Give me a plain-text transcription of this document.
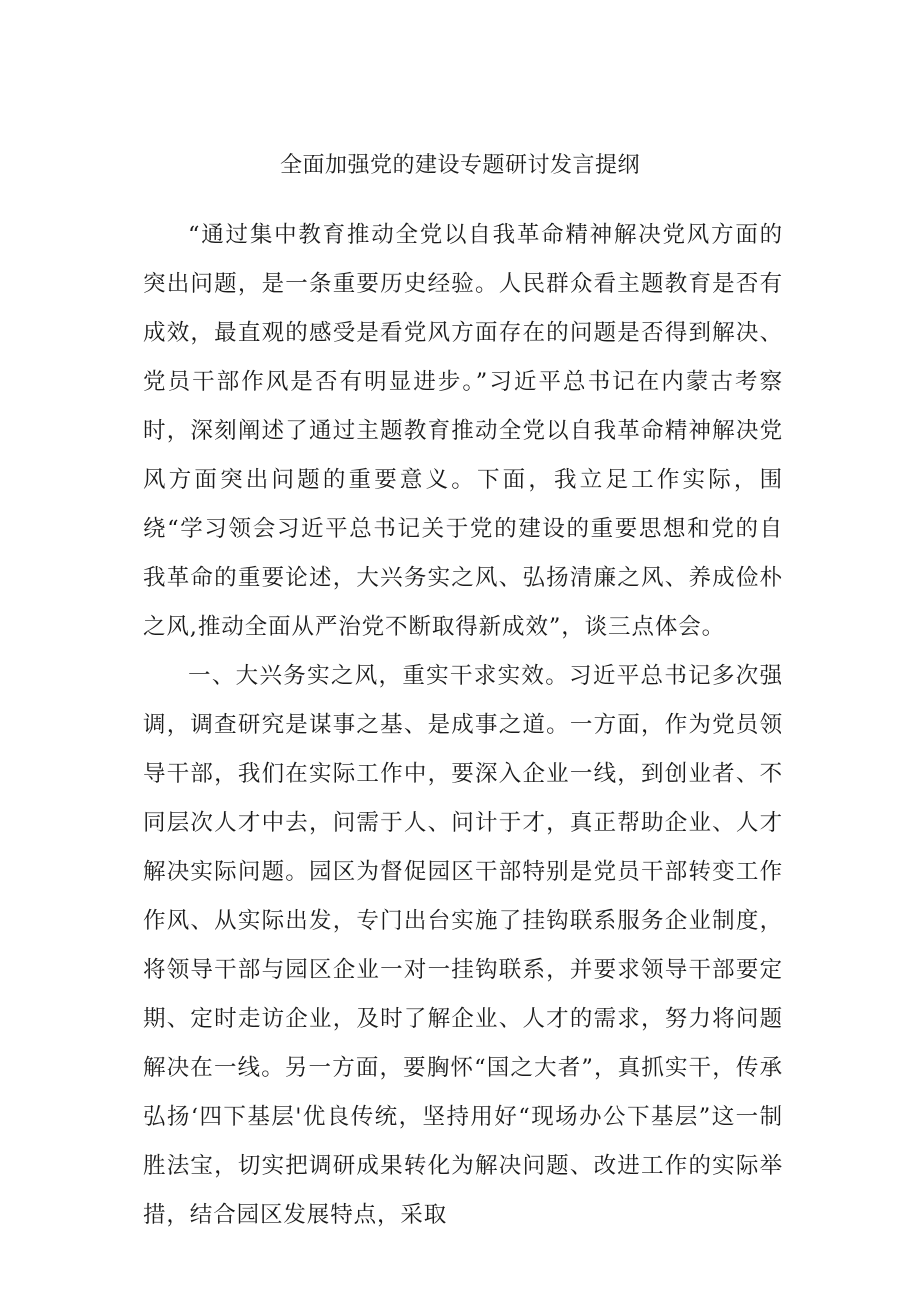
全面加强党的建设专题研讨发言提纲

“通过集中教育推动全党以自我革命精神解决党风方面的突出问题，是一条重要历史经验。人民群众看主题教育是否有成效，最直观的感受是看党风方面存在的问题是否得到解决、党员干部作风是否有明显进步。”习近平总书记在内蒙古考察时，深刻阐述了通过主题教育推动全党以自我革命精神解决党风方面突出问题的重要意义。下面，我立足工作实际，围绕“学习领会习近平总书记关于党的建设的重要思想和党的自我革命的重要论述，大兴务实之风、弘扬清廉之风、养成俭朴之风,推动全面从严治党不断取得新成效”，谈三点体会。

一、大兴务实之风，重实干求实效。习近平总书记多次强调，调查研究是谋事之基、是成事之道。一方面，作为党员领导干部，我们在实际工作中，要深入企业一线，到创业者、不同层次人才中去，问需于人、问计于才，真正帮助企业、人才解决实际问题。园区为督促园区干部特别是党员干部转变工作作风、从实际出发，专门出台实施了挂钩联系服务企业制度，将领导干部与园区企业一对一挂钩联系，并要求领导干部要定期、定时走访企业，及时了解企业、人才的需求，努力将问题解决在一线。另一方面，要胸怀“国之大者”，真抓实干，传承弘扬‘四下基层'优良传统，坚持用好“现场办公下基层”这一制胜法宝，切实把调研成果转化为解决问题、改进工作的实际举措，结合园区发展特点，采取
